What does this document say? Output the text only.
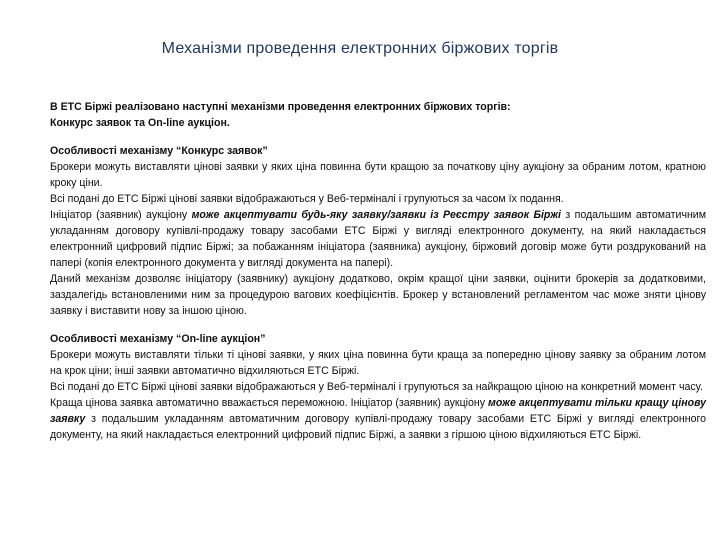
Механізми проведення електронних біржових торгів

В ЕТС Біржі реалізовано наступні механізми проведення електронних біржових торгів:

Конкурс заявок та On-line аукціон.

Особливості механізму “Конкурс заявок”

Брокери можуть виставляти цінові заявки у яких ціна повинна бути кращою за початкову ціну аукціону за обраним лотом, кратною кроку ціни.

Всі подані до ЕТС Біржі цінові заявки відображаються у Веб-терміналі і групуються за часом їх подання.

Ініціатор (заявник) аукціону може акцептувати будь-яку заявку/заявки із Реєстру заявок Біржі з подальшим автоматичним укладанням договору купівлі-продажу товару засобами ЕТС Біржі у вигляді електронного документу, на який накладається електронний цифровий підпис Біржі; за побажанням ініціатора (заявника) аукціону, біржовий договір може бути роздрукований на папері (копія електронного документа у вигляді документа на папері).

Даний механізм дозволяє ініціатору (заявнику) аукціону додатково, окрім кращої ціни заявки, оцінити брокерів за додатковими, заздалегідь встановленими ним за процедурою вагових коефіцієнтів. Брокер у встановлений регламентом час може зняти цінову заявку і виставити нову за іншою ціною.

Особливості механізму “On-line аукціон”

Брокери можуть виставляти тільки ті цінові заявки, у яких ціна повинна бути краща за попередню цінову заявку за обраним лотом на крок ціни; інші заявки автоматично відхиляються ЕТС Біржі.

Всі подані до ЕТС Біржі цінові заявки відображаються у Веб-терміналі і групуються за найкращою ціною на конкретний момент часу.

Краща цінова заявка автоматично вважається переможною. Ініціатор (заявник) аукціону може акцептувати тільки кращу цінову заявку з подальшим укладанням автоматичним договору купівлі-продажу товару засобами ЕТС Біржі у вигляді електронного документу, на який накладається електронний цифровий підпис Біржі, а заявки з гіршою ціною відхиляються ЕТС Біржі.
